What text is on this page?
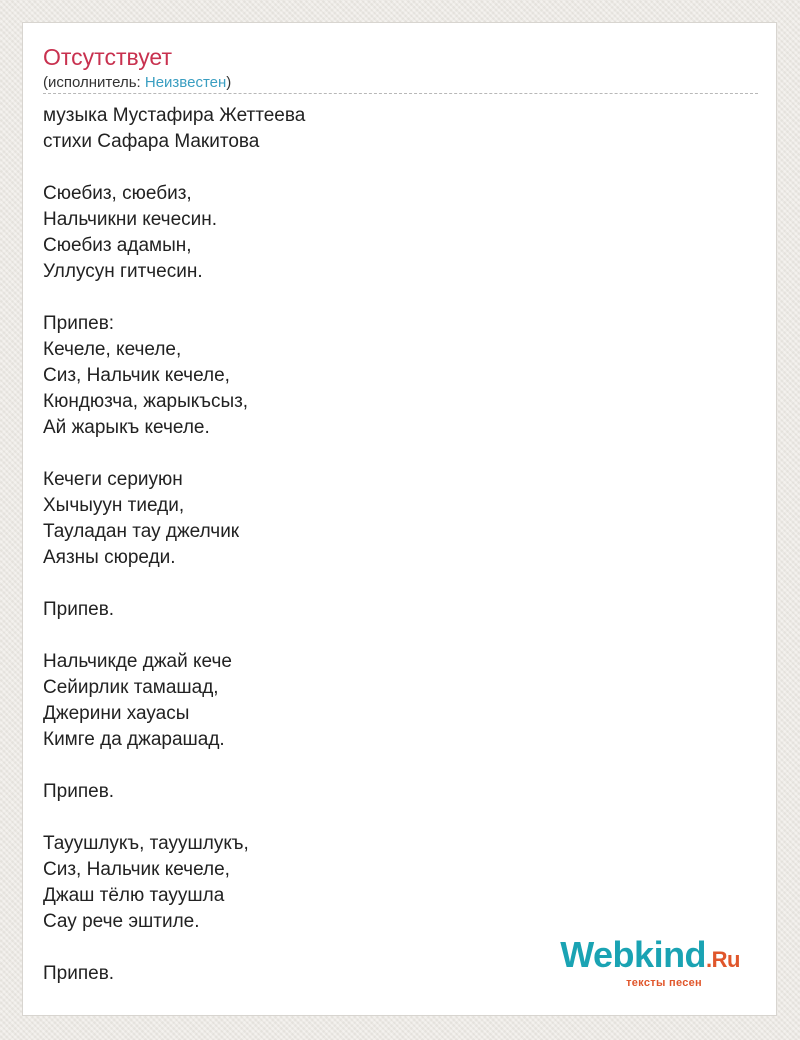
Отсутствует
(исполнитель: Неизвестен)
музыка Мустафира Жеттеева
стихи Сафара Макитова
Сюебиз, сюебиз,
Нальчикни кечесин.
Сюебиз адамын,
Уллусун гитчесин.
Припев:
Кечеле, кечеле,
Сиз, Нальчик кечеле,
Кюндюзча, жарыкъсыз,
Ай жарыкъ кечеле.
Кечеги сериуюн
Хычыуун тиеди,
Тауладан тау джелчик
Аязны сюреди.
Припев.
Нальчикде джай кече
Сейирлик тамашад,
Джерини хауасы
Кимге да джарашад.
Припев.
Тауушлукъ, тауушлукъ,
Сиз, Нальчик кечеле,
Джаш тёлю тауушла
Сау рече эштиле.
Припев.	Webkind.Ru
тексты песен
